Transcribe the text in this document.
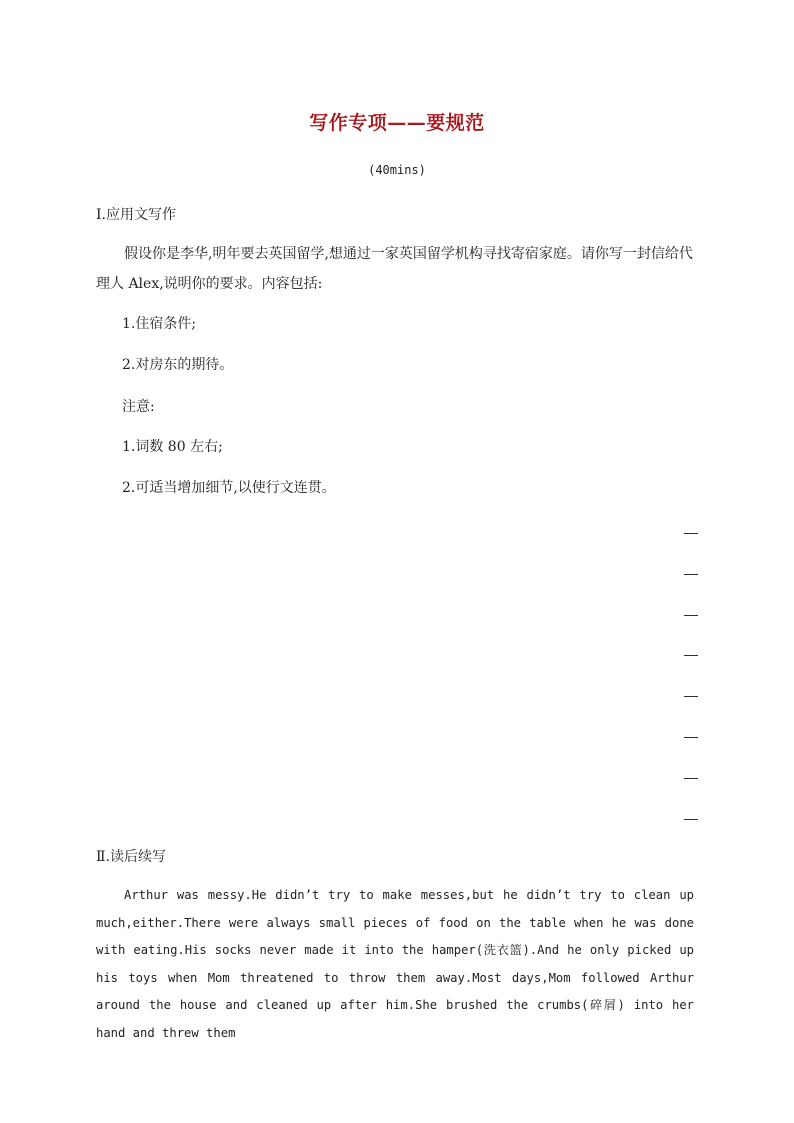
写作专项——要规范
(40mins)
Ⅰ.应用文写作
假设你是李华,明年要去英国留学,想通过一家英国留学机构寻找寄宿家庭。请你写一封信给代理人 Alex,说明你的要求。内容包括:
1.住宿条件;
2.对房东的期待。
注意:
1.词数 80 左右;
2.可适当增加细节,以使行文连贯。
Ⅱ.读后续写
Arthur was messy.He didn’t try to make messes,but he didn’t try to clean up much,either.There were always small pieces of food on the table when he was done with eating.His socks never made it into the hamper(洗衣篮).And he only picked up his toys when Mom threatened to throw them away.Most days,Mom followed Arthur around the house and cleaned up after him.She brushed the crumbs(碎屑) into her hand and threw them
